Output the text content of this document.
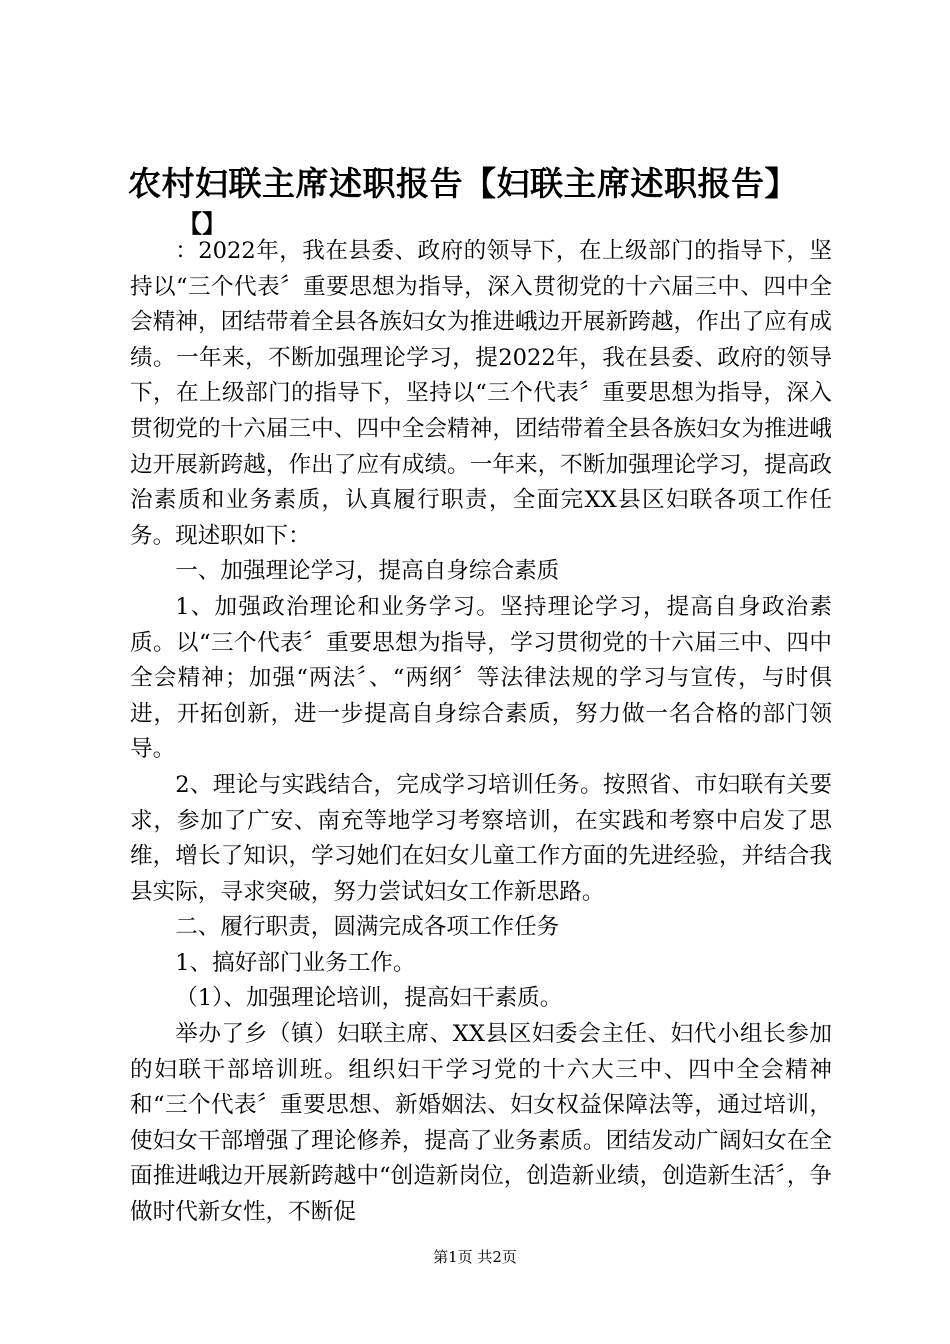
农村妇联主席述职报告【妇联主席述职报告】
【】

：2022年，我在县委、政府的领导下，在上级部门的指导下，坚持以“三个代表〞重要思想为指导，深入贯彻党的十六届三中、四中全会精神，团结带着全县各族妇女为推进峨边开展新跨越，作出了应有成绩。一年来，不断加强理论学习，提2022年，我在县委、政府的领导下，在上级部门的指导下，坚持以“三个代表〞重要思想为指导，深入贯彻党的十六届三中、四中全会精神，团结带着全县各族妇女为推进峨边开展新跨越，作出了应有成绩。一年来，不断加强理论学习，提高政治素质和业务素质，认真履行职责，全面完XX县区妇联各项工作任务。现述职如下：

一、加强理论学习，提高自身综合素质

1、加强政治理论和业务学习。坚持理论学习，提高自身政治素质。以“三个代表〞重要思想为指导，学习贯彻党的十六届三中、四中全会精神；加强“两法〞、“两纲〞等法律法规的学习与宣传，与时俱进，开拓创新，进一步提高自身综合素质，努力做一名合格的部门领导。

2、理论与实践结合，完成学习培训任务。按照省、市妇联有关要求，参加了广安、南充等地学习考察培训，在实践和考察中启发了思维，增长了知识，学习她们在妇女儿童工作方面的先进经验，并结合我县实际，寻求突破，努力尝试妇女工作新思路。

二、履行职责，圆满完成各项工作任务

1、搞好部门业务工作。

（1）、加强理论培训，提高妇干素质。

举办了乡（镇）妇联主席、XX县区妇委会主任、妇代小组长参加的妇联干部培训班。组织妇干学习党的十六大三中、四中全会精神和“三个代表〞重要思想、新婚姻法、妇女权益保障法等，通过培训，使妇女干部增强了理论修养，提高了业务素质。团结发动广阔妇女在全面推进峨边开展新跨越中“创造新岗位，创造新业绩，创造新生活〞，争做时代新女性，不断促

第1页 共2页
